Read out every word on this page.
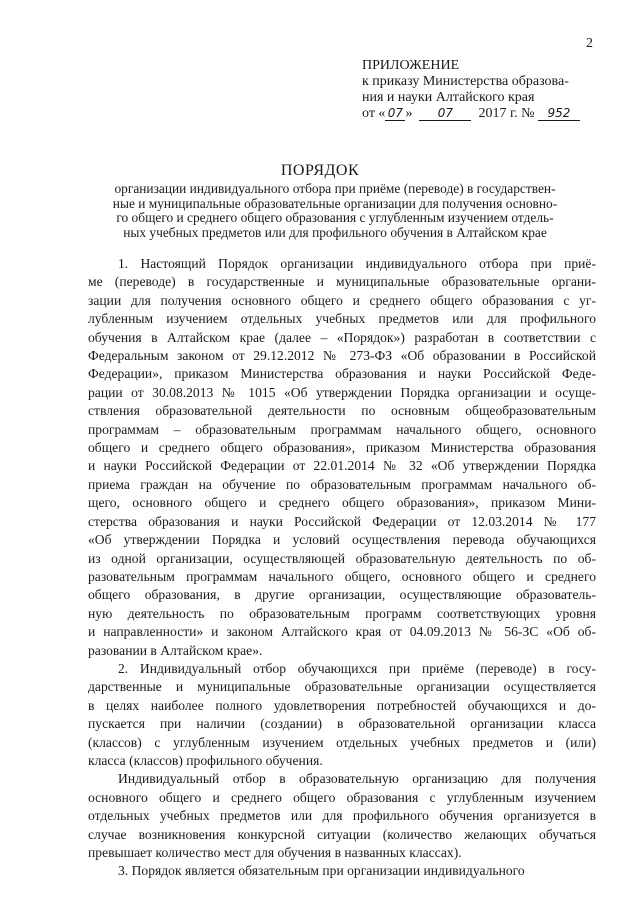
2
ПРИЛОЖЕНИЕ
к приказу Министерства образова-
ния и науки Алтайского края
от « 07 » 07 2017 г. № 952
ПОРЯДОК
организации индивидуального отбора при приёме (переводе) в государствен-
ные и муниципальные образовательные организации для получения основно-
го общего и среднего общего образования с углубленным изучением отдель-
ных учебных предметов или для профильного обучения в Алтайском крае
1. Настоящий Порядок организации индивидуального отбора при приё-
ме (переводе) в государственные и муниципальные образовательные органи-
зации для получения основного общего и среднего общего образования с уг-
лубленным изучением отдельных учебных предметов или для профильного
обучения в Алтайском крае (далее – «Порядок») разработан в соответствии с
Федеральным законом от 29.12.2012 № 273-ФЗ «Об образовании в Российской
Федерации», приказом Министерства образования и науки Российской Феде-
рации от 30.08.2013 № 1015 «Об утверждении Порядка организации и осуще-
ствления образовательной деятельности по основным общеобразовательным
программам – образовательным программам начального общего, основного
общего и среднего общего образования», приказом Министерства образования
и науки Российской Федерации от 22.01.2014 № 32 «Об утверждении Порядка
приема граждан на обучение по образовательным программам начального об-
щего, основного общего и среднего общего образования», приказом Мини-
стерства образования и науки Российской Федерации от 12.03.2014 № 177
«Об утверждении Порядка и условий осуществления перевода обучающихся
из одной организации, осуществляющей образовательную деятельность по об-
разовательным программам начального общего, основного общего и среднего
общего образования, в другие организации, осуществляющие образователь-
ную деятельность по образовательным программ соответствующих уровня
и направленности» и законом Алтайского края от 04.09.2013 № 56-ЗС «Об об-
разовании в Алтайском крае».
2. Индивидуальный отбор обучающихся при приёме (переводе) в госу-
дарственные и муниципальные образовательные организации осуществляется
в целях наиболее полного удовлетворения потребностей обучающихся и до-
пускается при наличии (создании) в образовательной организации класса
(классов) с углубленным изучением отдельных учебных предметов и (или)
класса (классов) профильного обучения.
Индивидуальный отбор в образовательную организацию для получения
основного общего и среднего общего образования с углубленным изучением
отдельных учебных предметов или для профильного обучения организуется в
случае возникновения конкурсной ситуации (количество желающих обучаться
превышает количество мест для обучения в названных классах).
3. Порядок является обязательным при организации индивидуального
